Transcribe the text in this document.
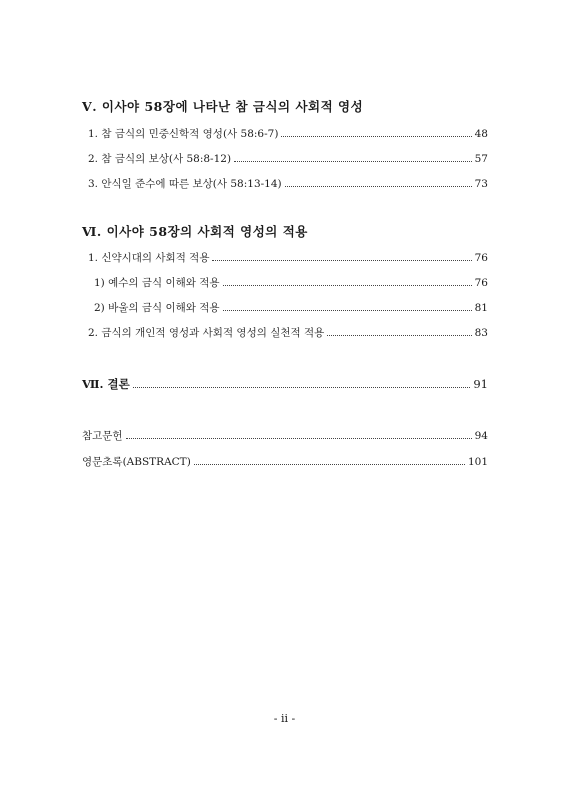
Ⅴ. 이사야 58장에 나타난 참 금식의 사회적 영성
1. 참 금식의 민중신학적 영성(사 58:6-7)	48
2. 참 금식의 보상(사 58:8-12)	57
3. 안식일 준수에 따른 보상(사 58:13-14)	73
Ⅵ. 이사야 58장의 사회적 영성의 적용
1. 신약시대의 사회적 적용	76
1) 예수의 금식 이해와 적용	76
2) 바울의 금식 이해와 적용	81
2. 금식의 개인적 영성과 사회적 영성의 실천적 적용	83
Ⅶ. 결론	91
참고문헌	94
영문초록(ABSTRACT)	101
- ii -
